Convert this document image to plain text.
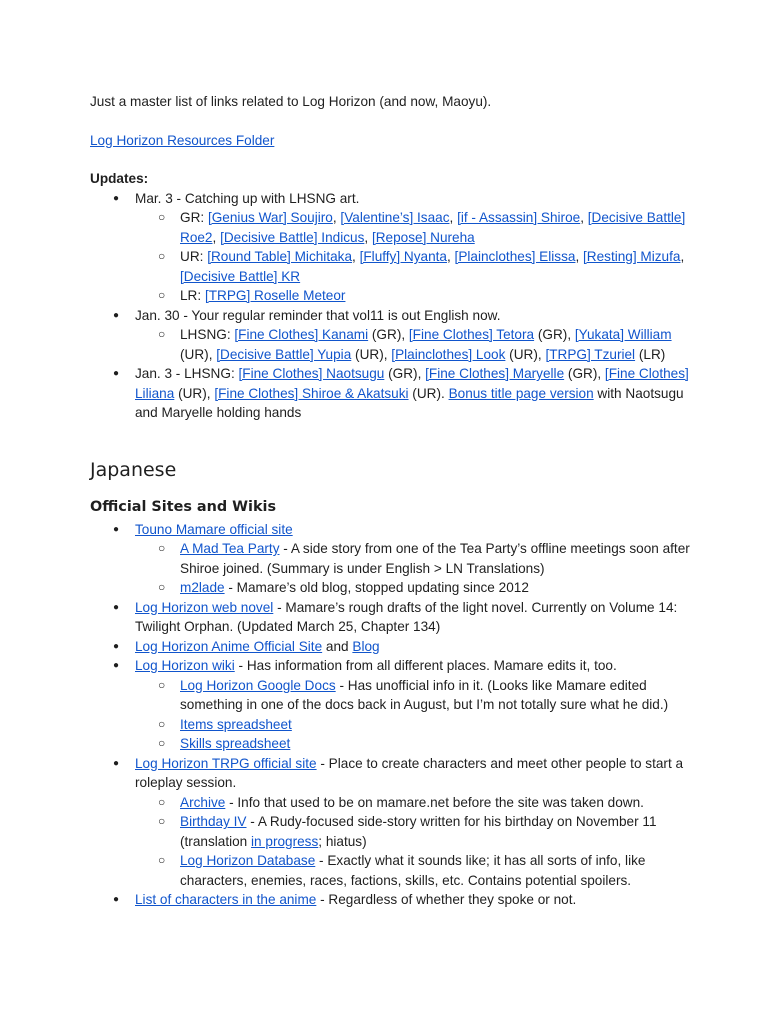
Just a master list of links related to Log Horizon (and now, Maoyu).

Log Horizon Resources Folder

Updates:

● Mar. 3 - Catching up with LHSNG art.
○ GR: [Genius War] Soujiro, [Valentine’s] Isaac, [if - Assassin] Shiroe, [Decisive Battle] Roe2, [Decisive Battle] Indicus, [Repose] Nureha
○ UR: [Round Table] Michitaka, [Fluffy] Nyanta, [Plainclothes] Elissa, [Resting] Mizufa, [Decisive Battle] KR
○ LR: [TRPG] Roselle Meteor
● Jan. 30 - Your regular reminder that vol11 is out English now.
○ LHSNG: [Fine Clothes] Kanami (GR), [Fine Clothes] Tetora (GR), [Yukata] William (UR), [Decisive Battle] Yupia (UR), [Plainclothes] Look (UR), [TRPG] Tzuriel (LR)
● Jan. 3 - LHSNG: [Fine Clothes] Naotsugu (GR), [Fine Clothes] Maryelle (GR), [Fine Clothes] Liliana (UR), [Fine Clothes] Shiroe & Akatsuki (UR). Bonus title page version with Naotsugu and Maryelle holding hands
Japanese
Official Sites and Wikis
● Touno Mamare official site
○ A Mad Tea Party - A side story from one of the Tea Party’s offline meetings soon after Shiroe joined. (Summary is under English > LN Translations)
○ m2lade - Mamare’s old blog, stopped updating since 2012
● Log Horizon web novel - Mamare’s rough drafts of the light novel. Currently on Volume 14: Twilight Orphan. (Updated March 25, Chapter 134)
● Log Horizon Anime Official Site and Blog
● Log Horizon wiki - Has information from all different places. Mamare edits it, too.
○ Log Horizon Google Docs - Has unofficial info in it. (Looks like Mamare edited something in one of the docs back in August, but I’m not totally sure what he did.)
○ Items spreadsheet
○ Skills spreadsheet
● Log Horizon TRPG official site - Place to create characters and meet other people to start a roleplay session.
○ Archive - Info that used to be on mamare.net before the site was taken down.
○ Birthday IV - A Rudy-focused side-story written for his birthday on November 11 (translation in progress; hiatus)
○ Log Horizon Database - Exactly what it sounds like; it has all sorts of info, like characters, enemies, races, factions, skills, etc. Contains potential spoilers.
● List of characters in the anime - Regardless of whether they spoke or not.
